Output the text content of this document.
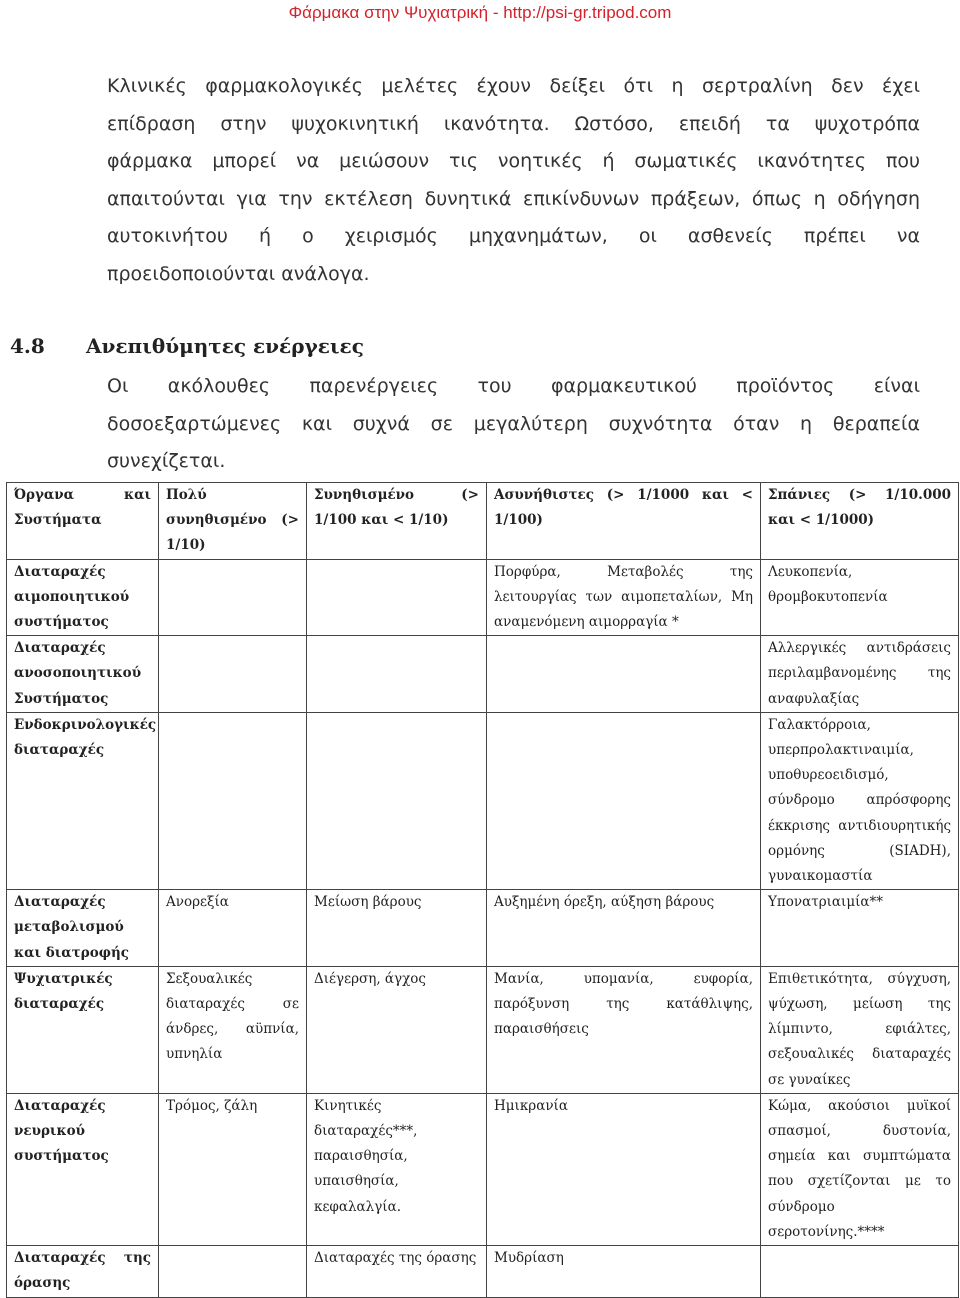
Φάρμακα στην Ψυχιατρική - http://psi-gr.tripod.com
Κλινικές φαρμακολογικές μελέτες έχουν δείξει ότι η σερτραλίνη δεν έχει
επίδραση στην ψυχοκινητική ικανότητα. Ωστόσο, επειδή τα ψυχοτρόπα
φάρμακα μπορεί να μειώσουν τις νοητικές ή σωματικές ικανότητες που
απαιτούνται για την εκτέλεση δυνητικά επικίνδυνων πράξεων, όπως η οδήγηση
αυτοκινήτου ή ο χειρισμός μηχανημάτων, οι ασθενείς πρέπει να
προειδοποιούνται ανάλογα.
4.8 Ανεπιθύμητες ενέργειες
Οι ακόλουθες παρενέργειες του φαρμακευτικού προϊόντος είναι
δοσοεξαρτώμενες και συχνά σε μεγαλύτερη συχνότητα όταν η θεραπεία
συνεχίζεται.
Όργανα και Συστήματα	Πολύ συνηθισμένο (> 1/10)	Συνηθισμένο (> 1/100 και < 1/10)	Ασυνήθιστες (> 1/1000 και < 1/100)	Σπάνιες (> 1/10.000 και < 1/1000)
Διαταραχές αιμοποιητικού συστήματος			Πορφύρα, Μεταβολές της λειτουργίας των αιμοπεταλίων, Μη αναμενόμενη αιμορραγία *	Λευκοπενία, θρομβοκυτοπενία
Διαταραχές ανοσοποιητικού Συστήματος				Αλλεργικές αντιδράσεις περιλαμβανομένης της αναφυλαξίας
Ενδοκρινολογικές διαταραχές				Γαλακτόρροια, υπερπρολακτιναιμία, υποθυρεοειδισμό, σύνδρομο απρόσφορης έκκρισης αντιδιουρητικής ορμόνης (SIADH), γυναικομαστία
Διαταραχές μεταβολισμού και διατροφής	Ανορεξία	Μείωση βάρους	Αυξημένη όρεξη, αύξηση βάρους	Υπονατριαιμία**
Ψυχιατρικές διαταραχές	Σεξουαλικές διαταραχές σε άνδρες, αϋπνία, υπνηλία	Διέγερση, άγχος	Μανία, υπομανία, ευφορία, παρόξυνση της κατάθλιψης, παραισθήσεις	Επιθετικότητα, σύγχυση, ψύχωση, μείωση της λίμπιντο, εφιάλτες, σεξουαλικές διαταραχές σε γυναίκες
Διαταραχές νευρικού συστήματος	Τρόμος, ζάλη	Κινητικές διαταραχές***, παραισθησία, υπαισθησία, κεφαλαλγία.	Ημικρανία	Κώμα, ακούσιοι μυϊκοί σπασμοί, δυστονία, σημεία και συμπτώματα που σχετίζονται με το σύνδρομο σεροτονίνης.****
Διαταραχές της όρασης		Διαταραχές της όρασης	Μυδρίαση	
